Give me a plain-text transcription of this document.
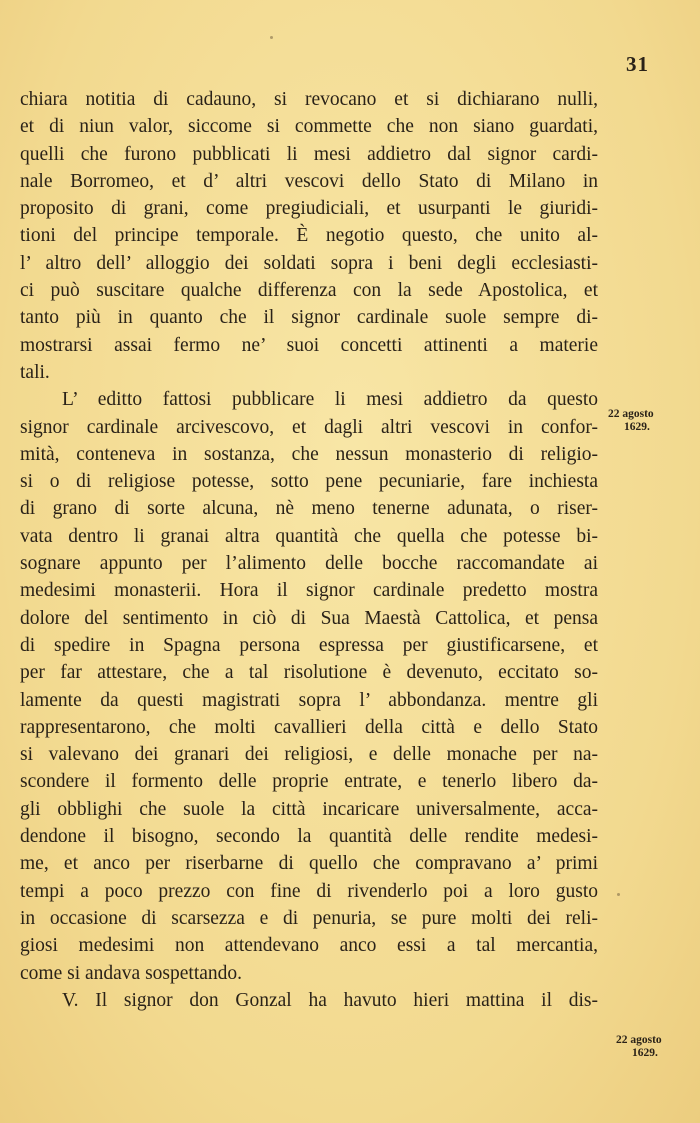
31
chiara notitia di cadauno, si revocano et si dichiarano nulli,
et di niun valor, siccome si commette che non siano guardati,
quelli che furono pubblicati li mesi addietro dal signor cardi-
nale Borromeo, et d’ altri vescovi dello Stato di Milano in
proposito di grani, come pregiudiciali, et usurpanti le giuridi-
tioni del principe temporale. È negotio questo, che unito al-
l’ altro dell’ alloggio dei soldati sopra i beni degli ecclesiasti-
ci può suscitare qualche differenza con la sede Apostolica, et
tanto più in quanto che il signor cardinale suole sempre di-
mostrarsi assai fermo ne’ suoi concetti attinenti a materie
tali.
L’ editto fattosi pubblicare li mesi addietro da questo
signor cardinale arcivescovo, et dagli altri vescovi in confor-
mità, conteneva in sostanza, che nessun monasterio di religio-
si o di religiose potesse, sotto pene pecuniarie, fare inchiesta
di grano di sorte alcuna, nè meno tenerne adunata, o riser-
vata dentro li granai altra quantità che quella che potesse bi-
sognare appunto per l’alimento delle bocche raccomandate ai
medesimi monasterii. Hora il signor cardinale predetto mostra
dolore del sentimento in ciò di Sua Maestà Cattolica, et pensa
di spedire in Spagna persona espressa per giustificarsene, et
per far attestare, che a tal risolutione è devenuto, eccitato so-
lamente da questi magistrati sopra l’ abbondanza. mentre gli
rappresentarono, che molti cavallieri della città e dello Stato
si valevano dei granari dei religiosi, e delle monache per na-
scondere il formento delle proprie entrate, e tenerlo libero da-
gli obblighi che suole la città incaricare universalmente, acca-
dendone il bisogno, secondo la quantità delle rendite medesi-
me, et anco per riserbarne di quello che compravano a’ primi
tempi a poco prezzo con fine di rivenderlo poi a loro gusto
in occasione di scarsezza e di penuria, se pure molti dei reli-
giosi medesimi non attendevano anco essi a tal mercantia,
come si andava sospettando.
V. Il signor don Gonzal ha havuto hieri mattina il dis-
22 agosto
1629.
22 agosto
1629.
